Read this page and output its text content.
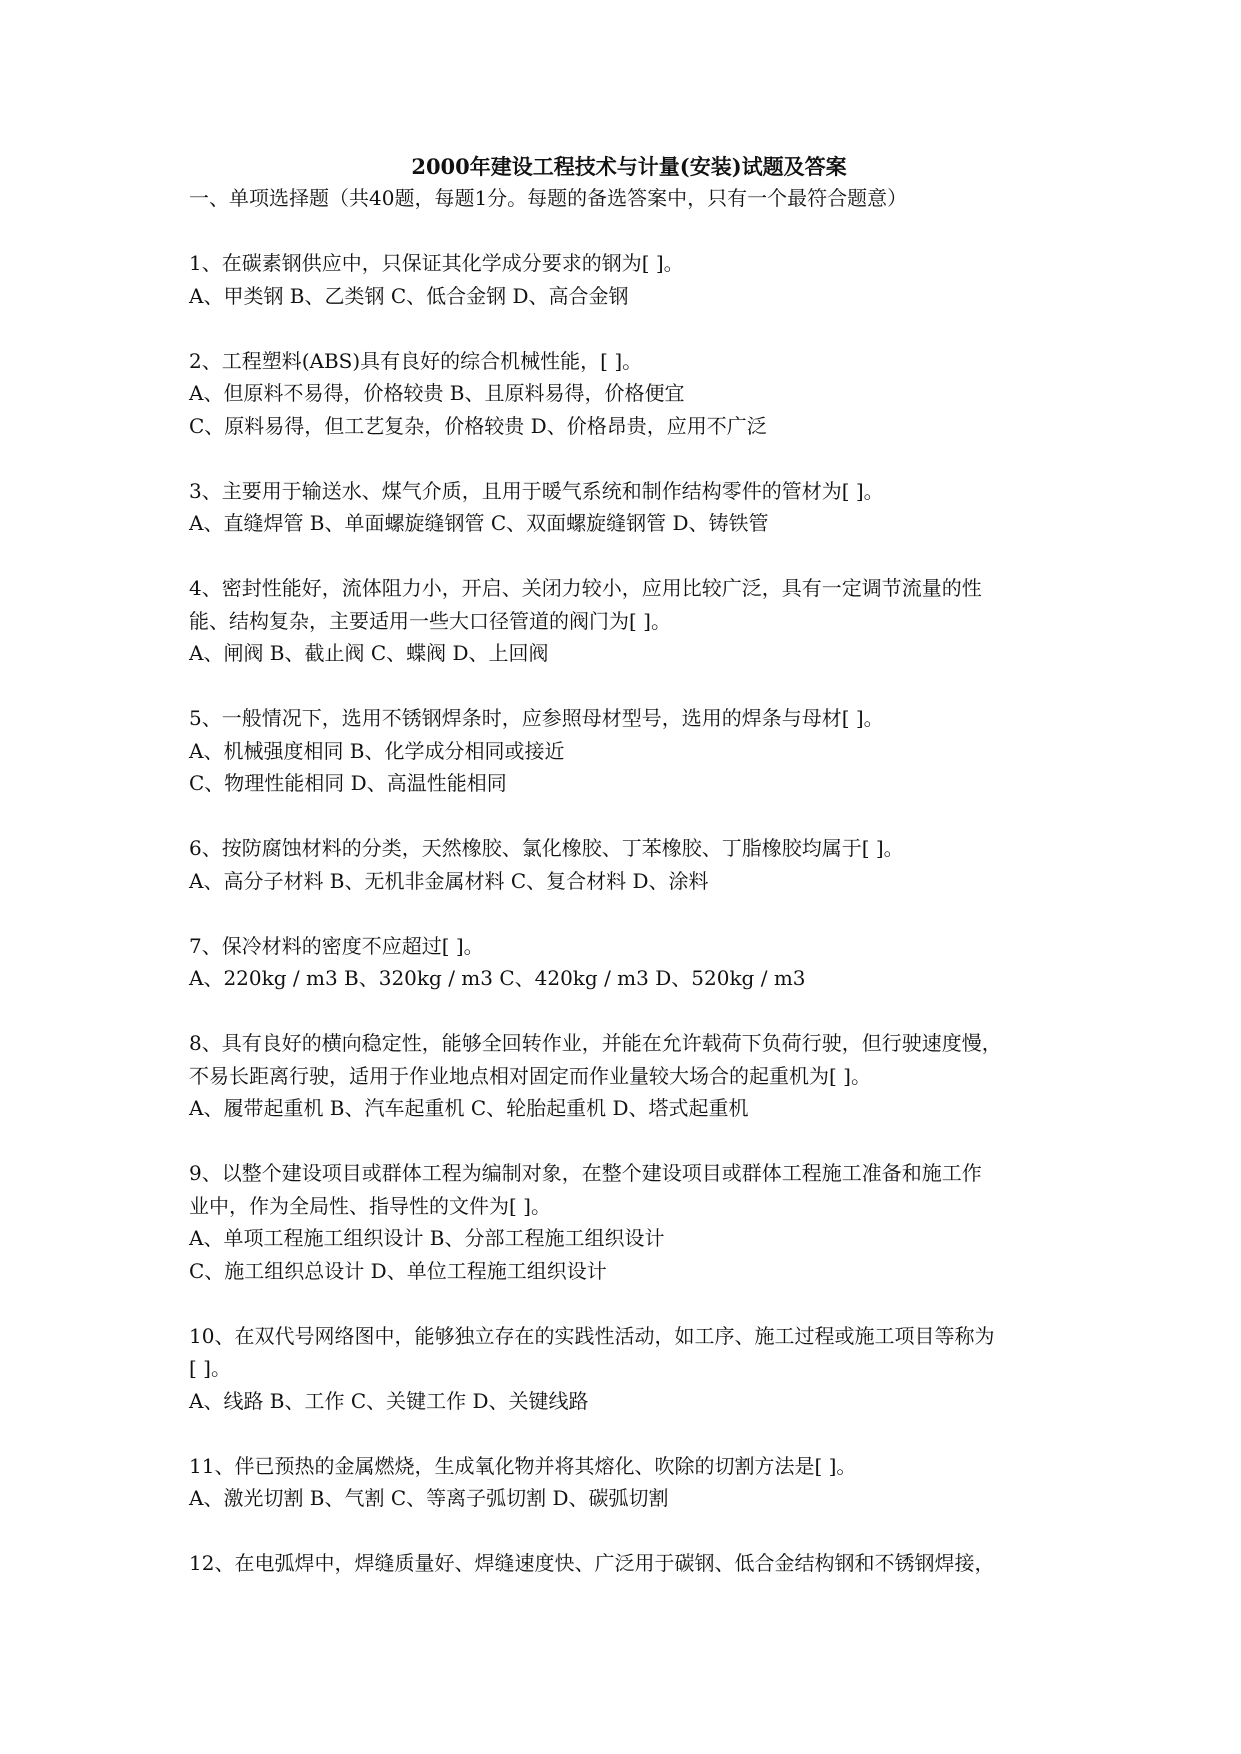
2000年建设工程技术与计量(安装)试题及答案
一、单项选择题（共40题，每题1分。每题的备选答案中，只有一个最符合题意）
1、在碳素钢供应中，只保证其化学成分要求的钢为[ ]。
A、甲类钢 B、乙类钢 C、低合金钢 D、高合金钢
2、工程塑料(ABS)具有良好的综合机械性能，[ ]。
A、但原料不易得，价格较贵 B、且原料易得，价格便宜
C、原料易得，但工艺复杂，价格较贵 D、价格昂贵，应用不广泛
3、主要用于输送水、煤气介质，且用于暖气系统和制作结构零件的管材为[ ]。
A、直缝焊管 B、单面螺旋缝钢管 C、双面螺旋缝钢管 D、铸铁管
4、密封性能好，流体阻力小，开启、关闭力较小，应用比较广泛，具有一定调节流量的性
能、结构复杂，主要适用一些大口径管道的阀门为[ ]。
A、闸阀 B、截止阀 C、蝶阀 D、上回阀
5、一般情况下，选用不锈钢焊条时，应参照母材型号，选用的焊条与母材[ ]。
A、机械强度相同 B、化学成分相同或接近
C、物理性能相同 D、高温性能相同
6、按防腐蚀材料的分类，天然橡胶、氯化橡胶、丁苯橡胶、丁脂橡胶均属于[ ]。
A、高分子材料 B、无机非金属材料 C、复合材料 D、涂料
7、保冷材料的密度不应超过[ ]。
A、220kg / m3 B、320kg / m3 C、420kg / m3 D、520kg / m3
8、具有良好的横向稳定性，能够全回转作业，并能在允许载荷下负荷行驶，但行驶速度慢，
不易长距离行驶，适用于作业地点相对固定而作业量较大场合的起重机为[ ]。
A、履带起重机 B、汽车起重机 C、轮胎起重机 D、塔式起重机
9、以整个建设项目或群体工程为编制对象，在整个建设项目或群体工程施工准备和施工作
业中，作为全局性、指导性的文件为[ ]。
A、单项工程施工组织设计 B、分部工程施工组织设计
C、施工组织总设计 D、单位工程施工组织设计
10、在双代号网络图中，能够独立存在的实践性活动，如工序、施工过程或施工项目等称为
[ ]。
A、线路 B、工作 C、关键工作 D、关键线路
11、伴已预热的金属燃烧，生成氧化物并将其熔化、吹除的切割方法是[ ]。
A、激光切割 B、气割 C、等离子弧切割 D、碳弧切割
12、在电弧焊中，焊缝质量好、焊缝速度快、广泛用于碳钢、低合金结构钢和不锈钢焊接，
